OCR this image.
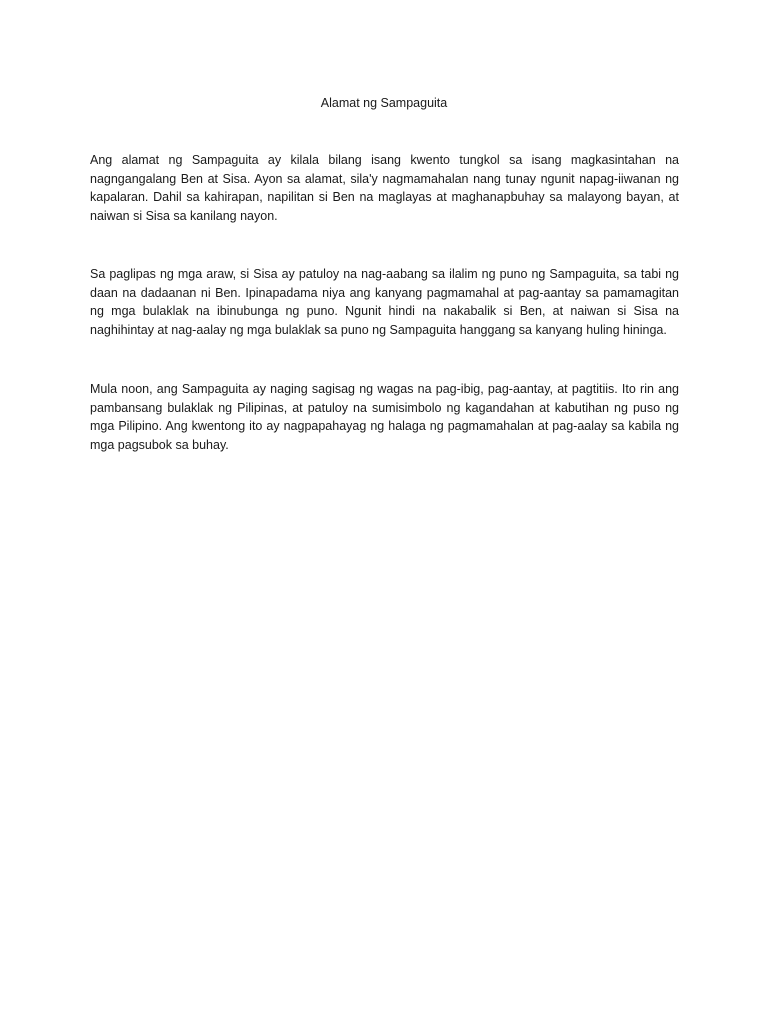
Alamat ng Sampaguita

Ang alamat ng Sampaguita ay kilala bilang isang kwento tungkol sa isang magkasintahan na nagngangalang Ben at Sisa. Ayon sa alamat, sila'y nagmamahalan nang tunay ngunit napag-iiwanan ng kapalaran. Dahil sa kahirapan, napilitan si Ben na maglayas at maghanapbuhay sa malayong bayan, at naiwan si Sisa sa kanilang nayon.

Sa paglipas ng mga araw, si Sisa ay patuloy na nag-aabang sa ilalim ng puno ng Sampaguita, sa tabi ng daan na dadaanan ni Ben. Ipinapadama niya ang kanyang pagmamahal at pag-aantay sa pamamagitan ng mga bulaklak na ibinubunga ng puno. Ngunit hindi na nakabalik si Ben, at naiwan si Sisa na naghihintay at nag-aalay ng mga bulaklak sa puno ng Sampaguita hanggang sa kanyang huling hininga.

Mula noon, ang Sampaguita ay naging sagisag ng wagas na pag-ibig, pag-aantay, at pagtitiis. Ito rin ang pambansang bulaklak ng Pilipinas, at patuloy na sumisimbolo ng kagandahan at kabutihan ng puso ng mga Pilipino. Ang kwentong ito ay nagpapahayag ng halaga ng pagmamahalan at pag-aalay sa kabila ng mga pagsubok sa buhay.
